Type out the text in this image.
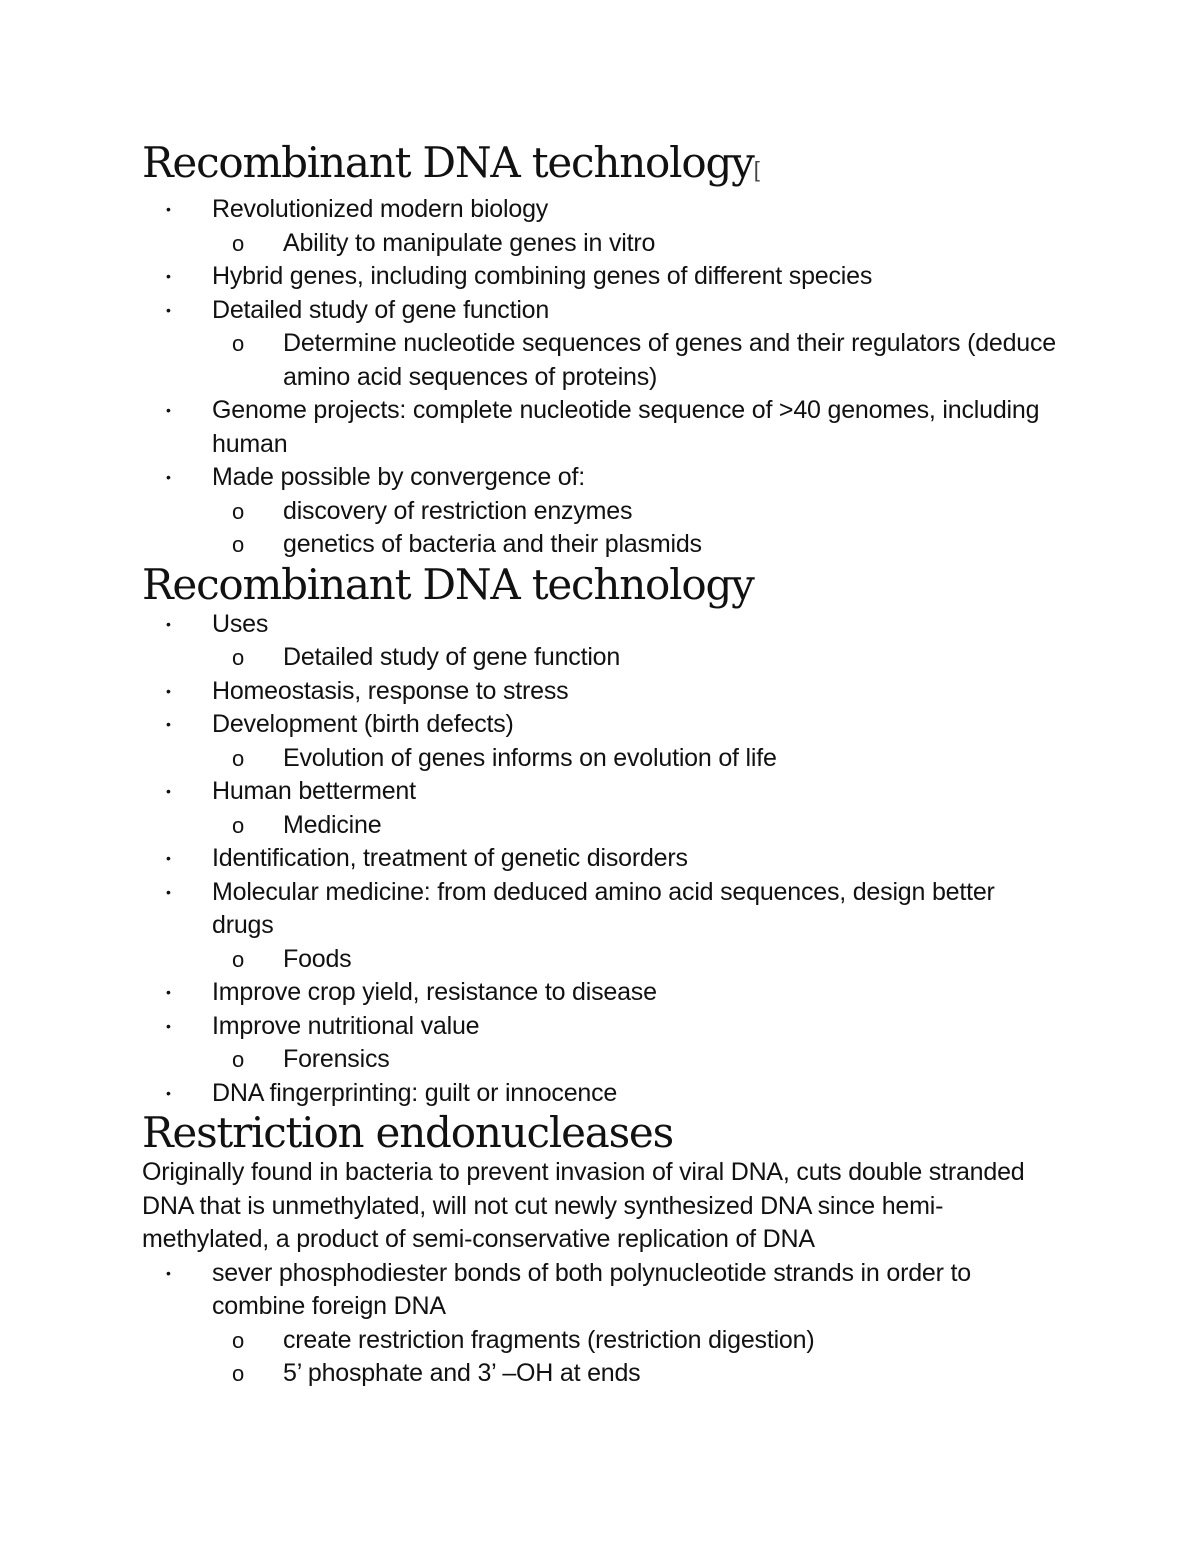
Recombinant DNA technology[
• Revolutionized modern biology
o Ability to manipulate genes in vitro
• Hybrid genes, including combining genes of different species
• Detailed study of gene function
o Determine nucleotide sequences of genes and their regulators (deduce amino acid sequences of proteins)
• Genome projects: complete nucleotide sequence of >40 genomes, including human
• Made possible by convergence of:
o discovery of restriction enzymes
o genetics of bacteria and their plasmids
Recombinant DNA technology
• Uses
o Detailed study of gene function
• Homeostasis, response to stress
• Development (birth defects)
o Evolution of genes informs on evolution of life
• Human betterment
o Medicine
• Identification, treatment of genetic disorders
• Molecular medicine: from deduced amino acid sequences, design better drugs
o Foods
• Improve crop yield, resistance to disease
• Improve nutritional value
o Forensics
• DNA fingerprinting: guilt or innocence
Restriction endonucleases

Originally found in bacteria to prevent invasion of viral DNA, cuts double stranded DNA that is unmethylated, will not cut newly synthesized DNA since hemi-methylated, a product of semi-conservative replication of DNA

• sever phosphodiester bonds of both polynucleotide strands in order to combine foreign DNA
o create restriction fragments (restriction digestion)
o 5’ phosphate and 3’ –OH at ends
